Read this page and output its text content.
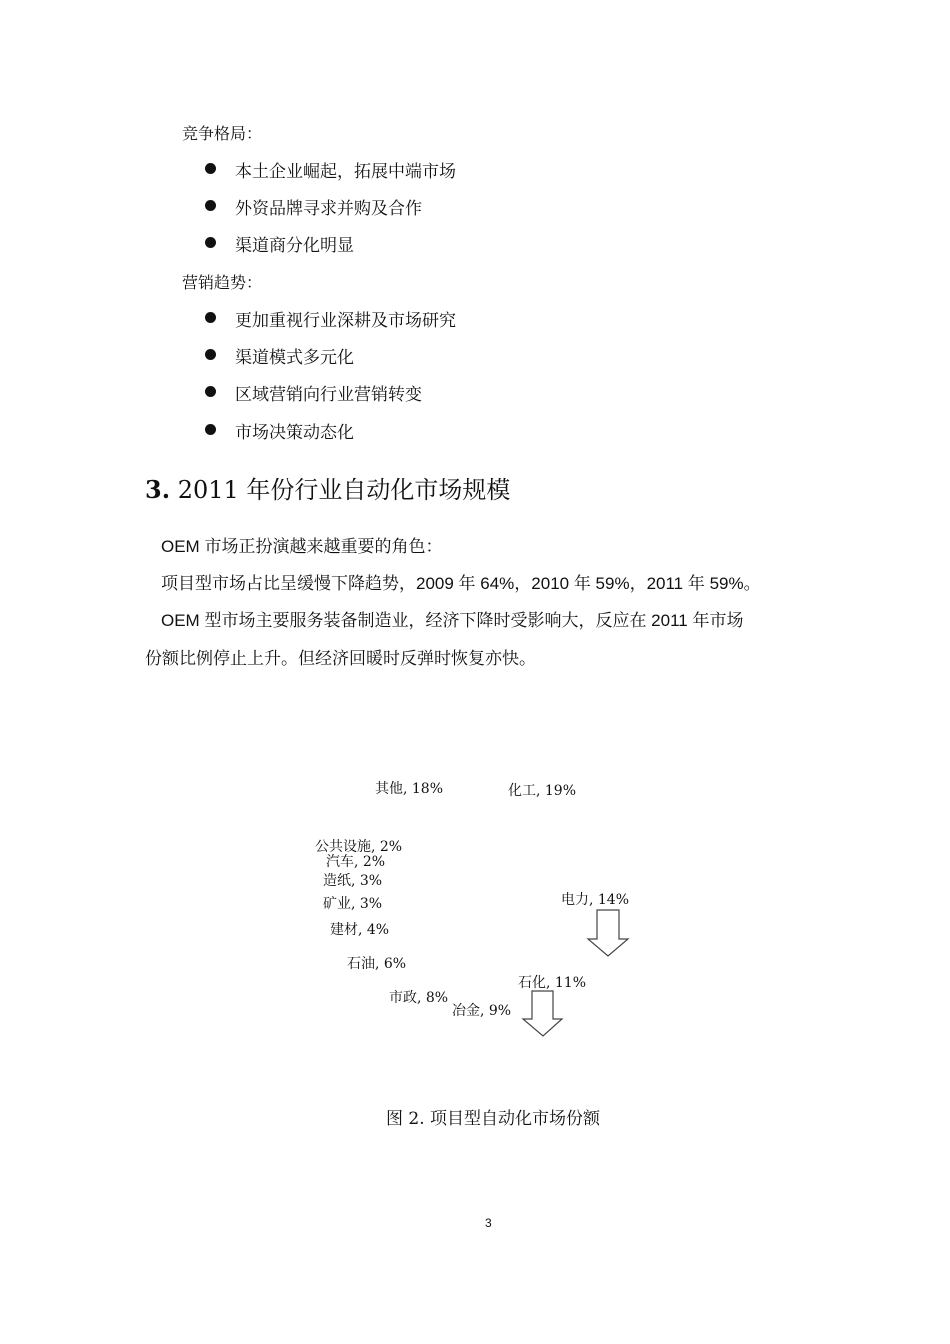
竞争格局：
本土企业崛起，拓展中端市场
外资品牌寻求并购及合作
渠道商分化明显
营销趋势：
更加重视行业深耕及市场研究
渠道模式多元化
区域营销向行业营销转变
市场决策动态化
3. 2011 年份行业自动化市场规模
OEM 市场正扮演越来越重要的角色：
项目型市场占比呈缓慢下降趋势，2009 年 64%，2010 年 59%，2011 年 59%。
OEM 型市场主要服务装备制造业，经济下降时受影响大，反应在 2011 年市场
份额比例停止上升。但经济回暖时反弹时恢复亦快。
化工, 19%
电力, 14%
石化, 11%
冶金, 9%
市政, 8%
石油, 6%
建材, 4%
矿业, 3%
造纸, 3%
汽车, 2%
公共设施, 2%
其他, 18%
图 2. 项目型自动化市场份额
3
